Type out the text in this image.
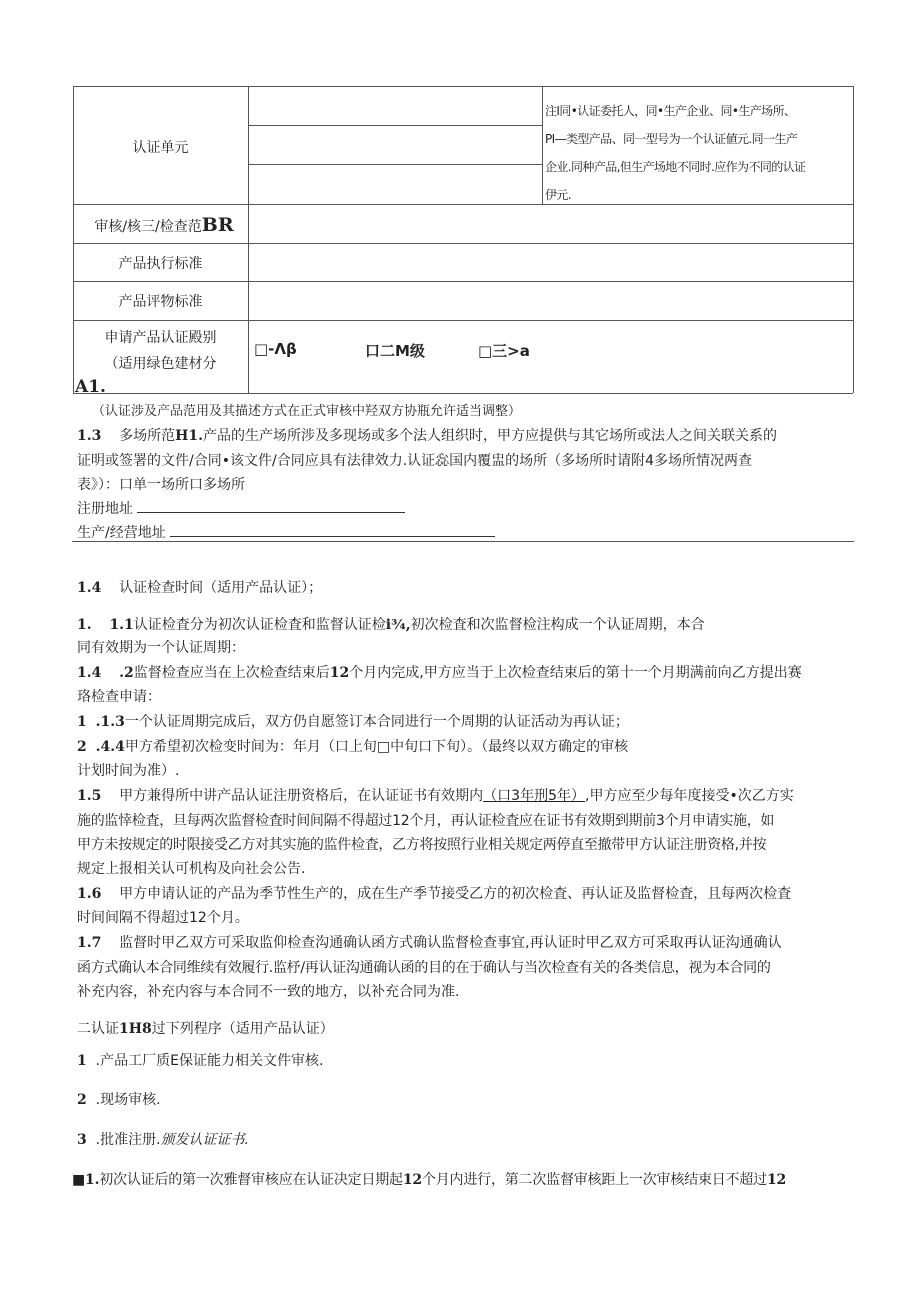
认证单元
注I同•认证委托人，同•生产企业、同•生产场所、
PI—类型产品、同一型号为一个认证値元.同一生产
企业.同种产品,但生产场地不同时.应作为不同的认证
伊元.
审核/核三/检查范BR
产品执行标准
产品评物标准
申请产品认证殿别
（适用绿色建材分
A1.
□-Λβ	口二M级	□三>a
（认证涉及产品范用及其描述方式在正式审核中羟双方协瓶允许适当调整）
1.3 多场所范H1.产品的生产场所涉及多现场或多个法人组织时，甲方应提供与其它场所或法人之间关联关系的
证明或签署的文件/合同•该文件/合同应具有法律效力.认证惢国内覆盅的场所（多场所时请附4多场所情况两查
表》）：口单一场所口多场所
注册地址
生产/经营地址
1.4 认证检查时间（适用产品认证）；
1. 1.1认证检査分为初次认证检査和监督认证检i¾,初次检査和次监督检注构成一个认证周期，本合
同有效期为一个认证周期：
1.4 .2监督检查应当在上次检查结束后12个月内完成,甲方应当于上次检查结束后的第十一个月期满前向乙方提出赛
珞检查申请：
1 .1.3一个认证周期完成后，双方仍自愿签订本合同进行一个周期的认证活动为再认证；
2 .4.4甲方希望初次检变时间为：年月（口上旬□中旬口下旬）。（最终以双方确定的审核
计划时间为准）.
1.5 甲方兼得所中讲产品认证注册资格后，在认证证书有效期内（口3年刑5年）,甲方应至少每年度接受•次乙方实
施的监悻检査，旦每两次监督检査时间间隔不得超过12个月，再认证检査应在证书有效期到期前3个月申请实施，如
甲方未按规定的时限接受乙方对其实施的监件检査，乙方将按照行业相关规定两停直至撤带甲方认证注册资格,并按
规定上报相关认可机构及向社会公告.
1.6 甲方申请认证的产品为季节性生产的，成在生产季节接受乙方的初次检査、再认证及监督检査，且每两次检査
时间间隔不得超过12个月。
1.7 监督时甲乙双方可采取监仰检查沟通确认函方式确认监督检查事宜,再认证时甲乙双方可采取再认证沟通确认
函方式确认本合同维续有效履行.监杼/再认证沟通确认函的目的在于确认与当次检查有关的各类信息，视为本合同的
补充内容，补充内容与本合同不一致的地方，以补充合同为准.
二认证1H8过下列程序（适用产品认证）
1 .产品工厂质E保证能力相关文件审核.
2 .现场审核.
3 .批准注册.颁发认证证书.
■1.初次认证后的第一次雅督审核应在认证决定日期起12个月内进行，第二次监督审核距上一次审核结束日不超过12
